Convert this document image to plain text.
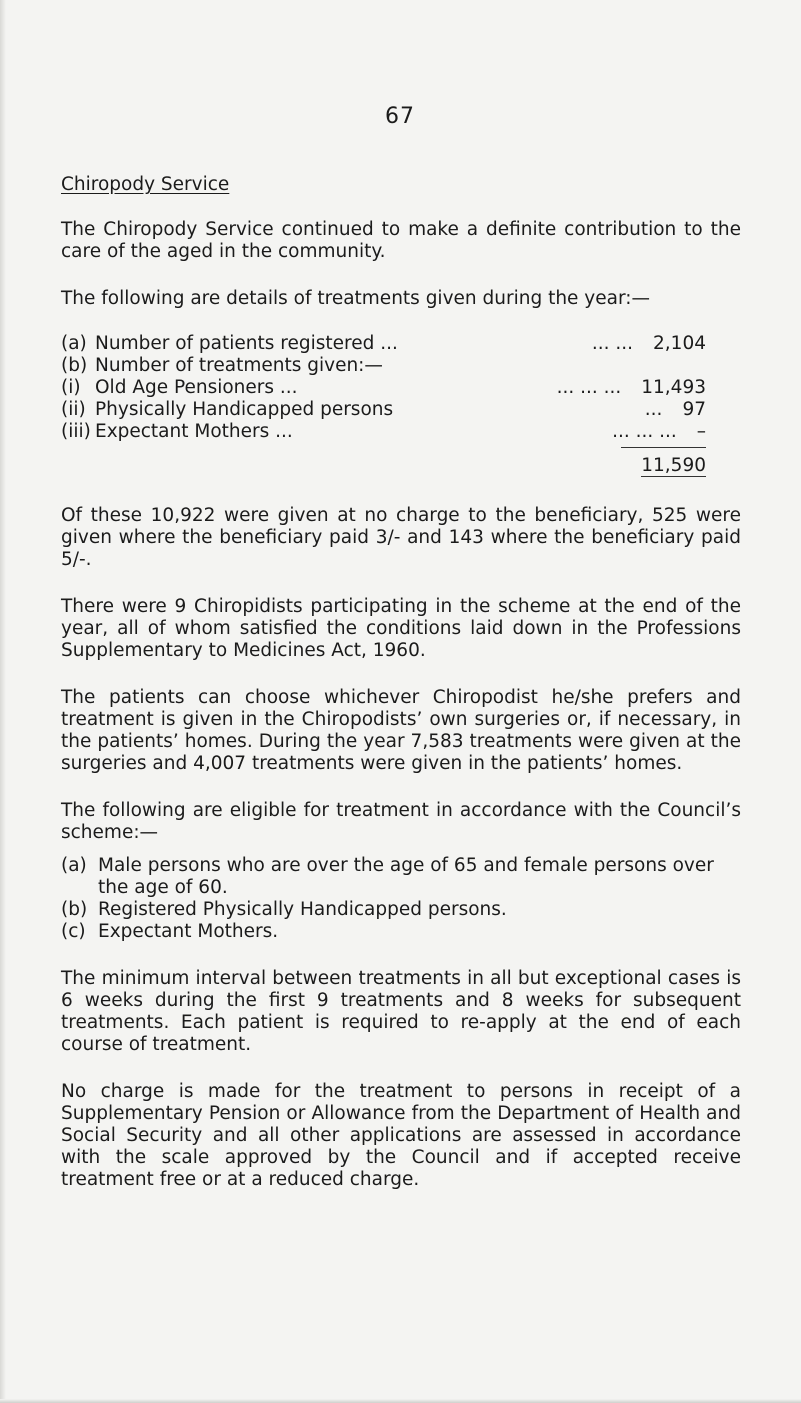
67
Chiropody Service

The Chiropody Service continued to make a definite contribution to the care of the aged in the community.

The following are details of treatments given during the year:—

(a) Number of patients registered ...	... ... 2,104
(b) Number of treatments given:—
(i) Old Age Pensioners ...	... ... ... 11,493
(ii) Physically Handicapped persons	... 97
(iii) Expectant Mothers ...	... ... ... –
11,590

Of these 10,922 were given at no charge to the beneficiary, 525 were given where the beneficiary paid 3/- and 143 where the beneficiary paid 5/-.

There were 9 Chiropidists participating in the scheme at the end of the year, all of whom satisfied the conditions laid down in the Professions Supplementary to Medicines Act, 1960.

The patients can choose whichever Chiropodist he/she prefers and treatment is given in the Chiropodists’ own surgeries or, if necessary, in the patients’ homes. During the year 7,583 treatments were given at the surgeries and 4,007 treatments were given in the patients’ homes.

The following are eligible for treatment in accordance with the Council’s scheme:—

(a) Male persons who are over the age of 65 and female persons over the age of 60.
(b) Registered Physically Handicapped persons.
(c) Expectant Mothers.

The minimum interval between treatments in all but exceptional cases is 6 weeks during the first 9 treatments and 8 weeks for subsequent treatments. Each patient is required to re-apply at the end of each course of treatment.

No charge is made for the treatment to persons in receipt of a Supplementary Pension or Allowance from the Department of Health and Social Security and all other applications are assessed in accordance with the scale approved by the Council and if accepted receive treatment free or at a reduced charge.
